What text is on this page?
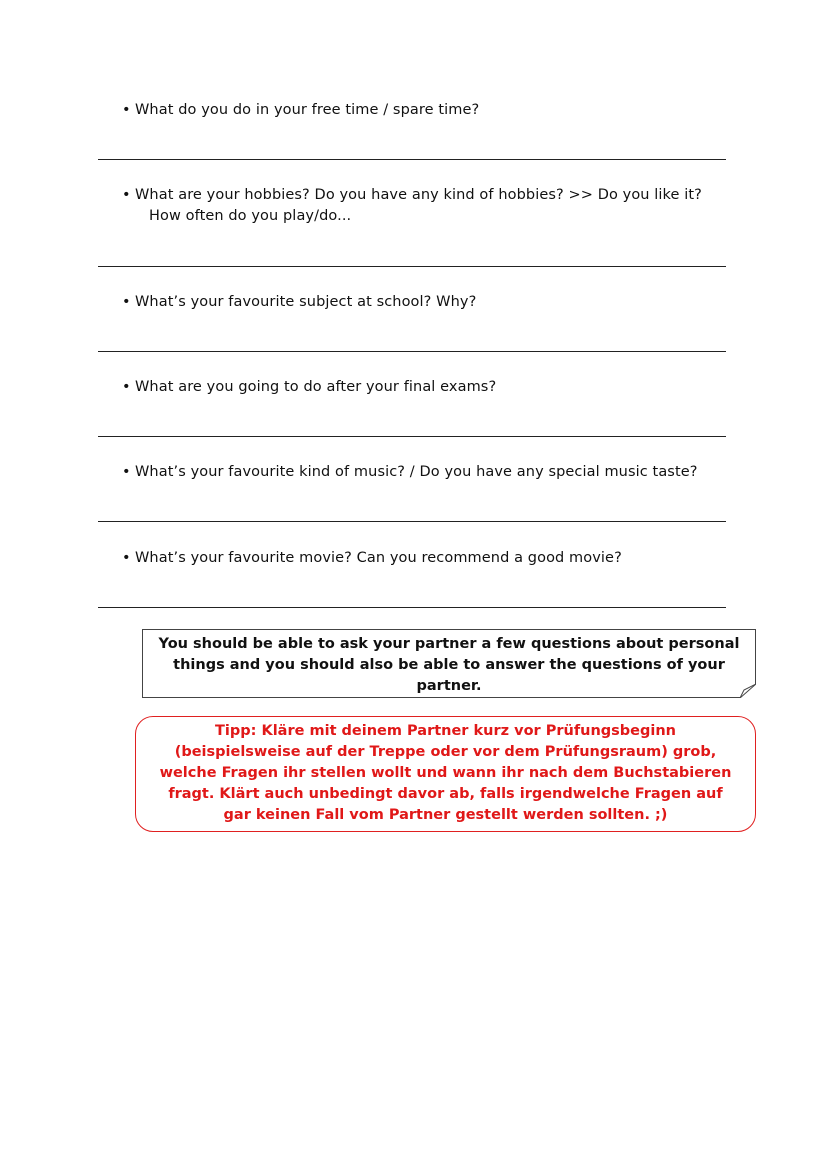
• What do you do in your free time / spare time?
• What are your hobbies? Do you have any kind of hobbies? >> Do you like it?
How often do you play/do...
• What’s your favourite subject at school? Why?
• What are you going to do after your final exams?
• What’s your favourite kind of music? / Do you have any special music taste?
• What’s your favourite movie? Can you recommend a good movie?
You should be able to ask your partner a few questions about personal things and you should also be able to answer the questions of your partner.
Tipp: Kläre mit deinem Partner kurz vor Prüfungsbeginn (beispielsweise auf der Treppe oder vor dem Prüfungsraum) grob, welche Fragen ihr stellen wollt und wann ihr nach dem Buchstabieren fragt. Klärt auch unbedingt davor ab, falls irgendwelche Fragen auf gar keinen Fall vom Partner gestellt werden sollten. ;)
